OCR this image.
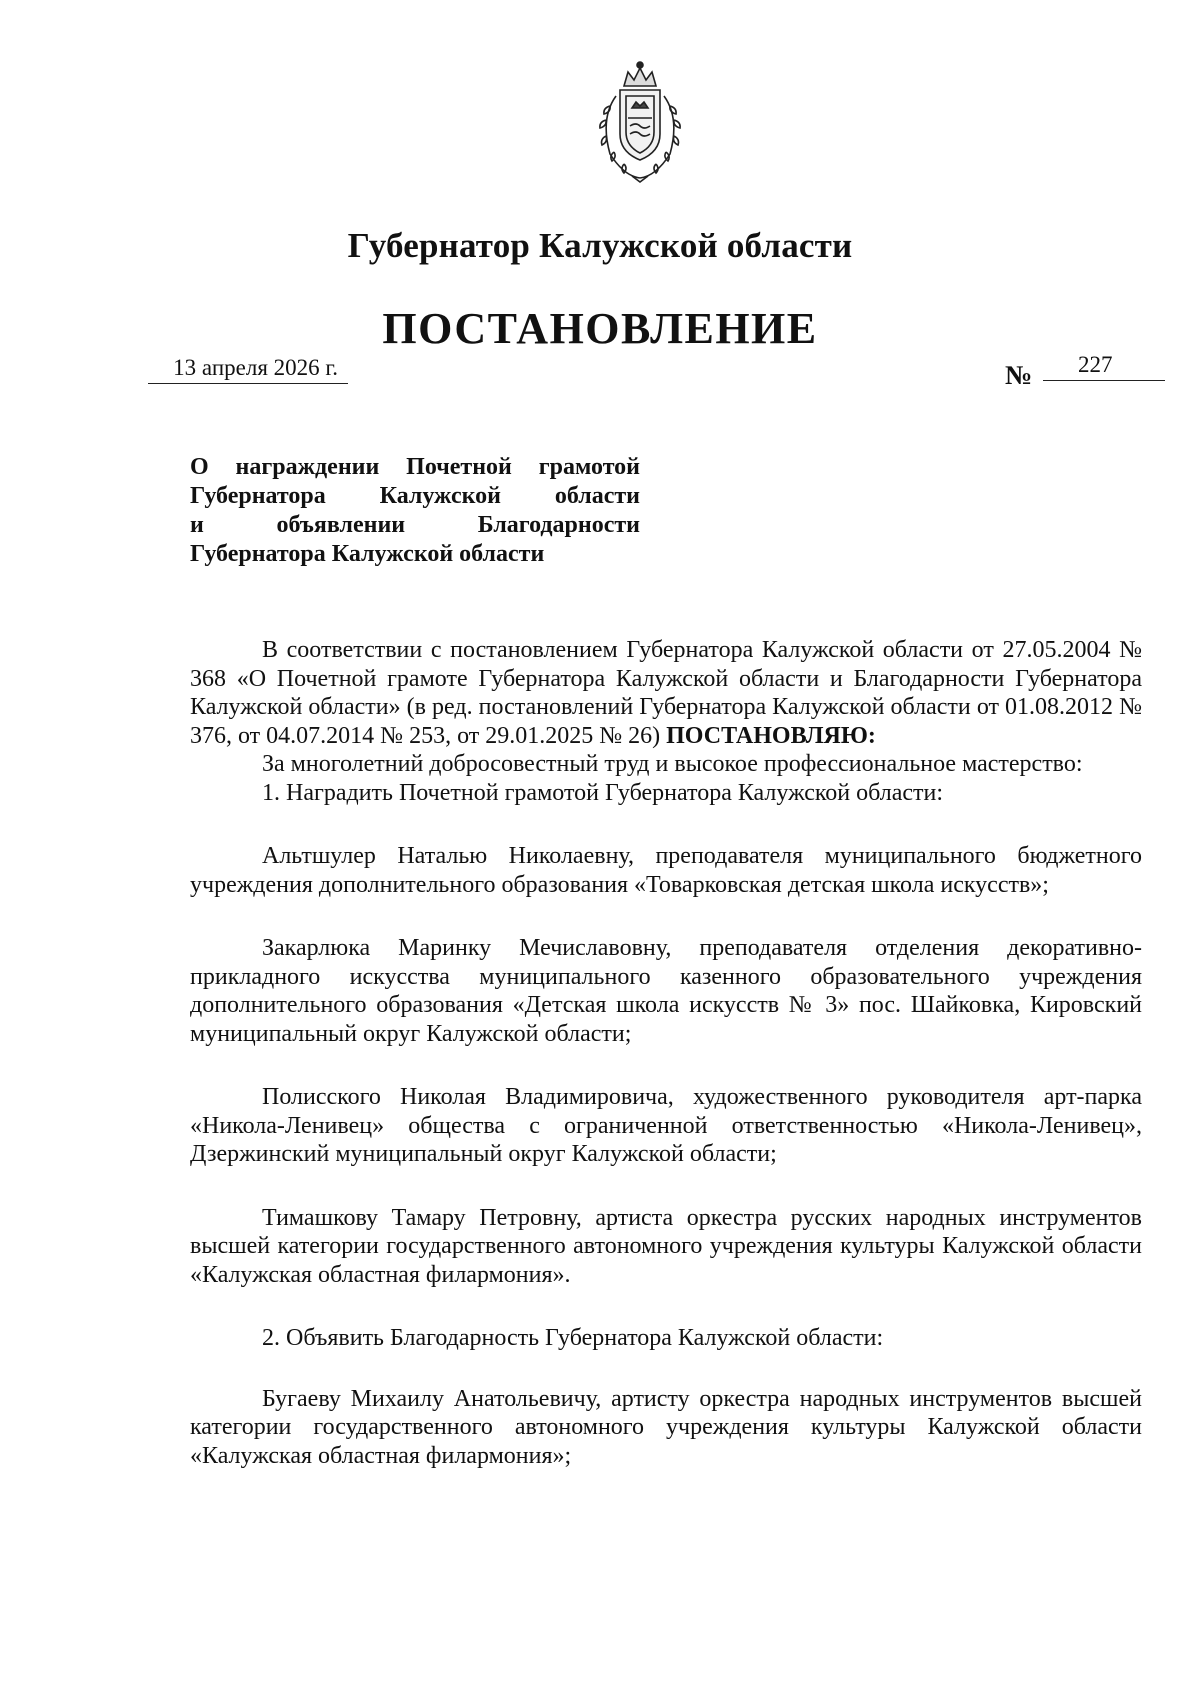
Губернатор Калужской области
ПОСТАНОВЛЕНИЕ
13 апреля 2026 г.	№	227
О награждении Почетной грамотой
Губернатора Калужской области
и объявлении Благодарности
Губернатора Калужской области

В соответствии с постановлением Губернатора Калужской области от 27.05.2004 № 368 «О Почетной грамоте Губернатора Калужской области и Благодарности Губернатора Калужской области» (в ред. постановлений Губернатора Калужской области от 01.08.2012 № 376, от 04.07.2014 № 253, от 29.01.2025 № 26) ПОСТАНОВЛЯЮ:

За многолетний добросовестный труд и высокое профессиональное мастерство:

1. Наградить Почетной грамотой Губернатора Калужской области:

Альтшулер Наталью Николаевну, преподавателя муниципального бюджетного учреждения дополнительного образования «Товарковская детская школа искусств»;

Закарлюка Маринку Мечиславовну, преподавателя отделения декоративно-прикладного искусства муниципального казенного образовательного учреждения дополнительного образования «Детская школа искусств № 3» пос. Шайковка, Кировский муниципальный округ Калужской области;

Полисского Николая Владимировича, художественного руководителя арт-парка «Никола-Ленивец» общества с ограниченной ответственностью «Никола-Ленивец», Дзержинский муниципальный округ Калужской области;

Тимашкову Тамару Петровну, артиста оркестра русских народных инструментов высшей категории государственного автономного учреждения культуры Калужской области «Калужская областная филармония».

2. Объявить Благодарность Губернатора Калужской области:

Бугаеву Михаилу Анатольевичу, артисту оркестра народных инструментов высшей категории государственного автономного учреждения культуры Калужской области «Калужская областная филармония»;
